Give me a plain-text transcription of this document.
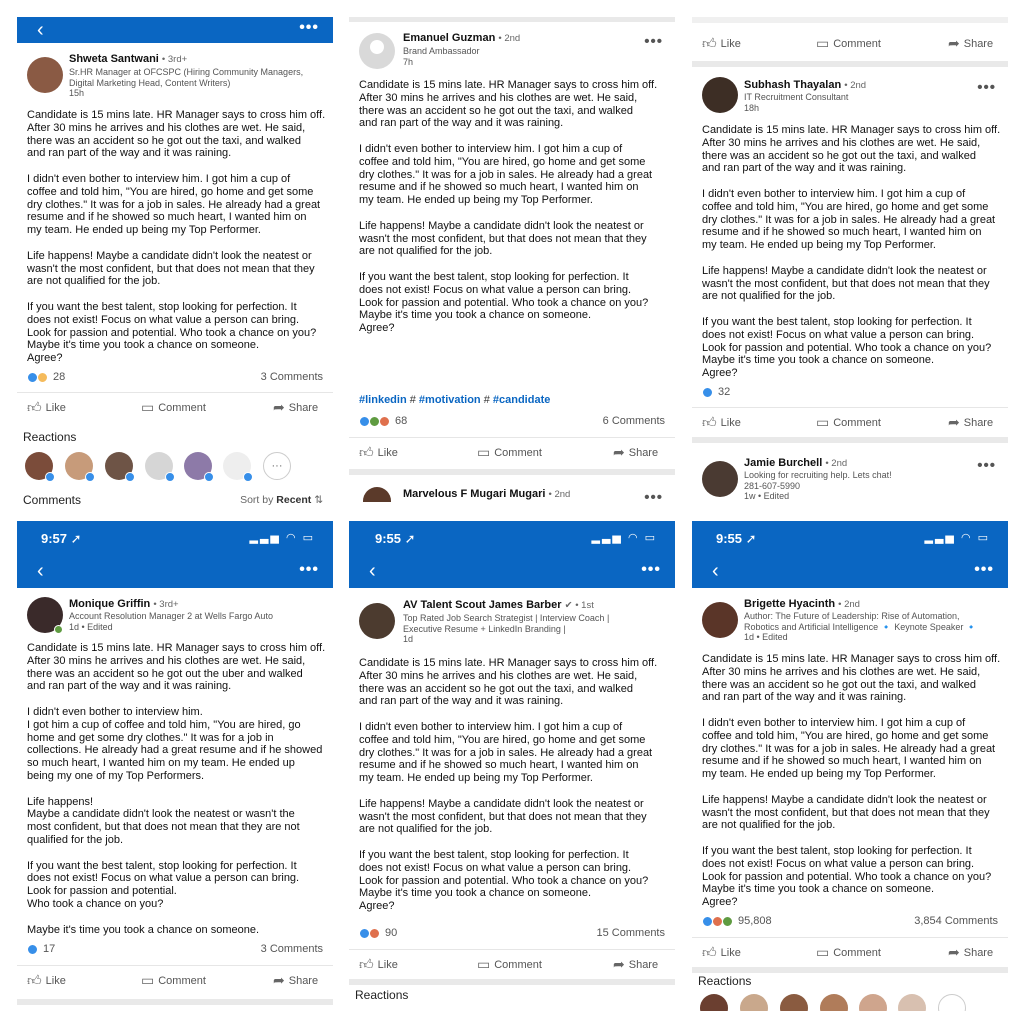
‹	•••
Shweta Santwani • 3rd+
Sr.HR Manager at OFCSPC (Hiring Community Managers,
Digital Marketing Head, Content Writers)
15h
Candidate is 15 mins late. HR Manager says to cross him off.
After 30 mins he arrives and his clothes are wet. He said,
there was an accident so he got out the taxi, and walked
and ran part of the way and it was raining.
I didn't even bother to interview him. I got him a cup of
coffee and told him, "You are hired, go home and get some
dry clothes." It was for a job in sales. He already had a great
resume and if he showed so much heart, I wanted him on
my team. He ended up being my Top Performer.
Life happens! Maybe a candidate didn't look the neatest or
wasn't the most confident, but that does not mean that they
are not qualified for the job.
If you want the best talent, stop looking for perfection. It
does not exist! Focus on what value a person can bring.
Look for passion and potential. Who took a chance on you?
Maybe it's time you took a chance on someone.
Agree?
28	3 Comments
👍︎ Like	▭ Comment	➦ Share
Reactions
···
Comments	Sort by Recent ⇅
Emanuel Guzman • 2nd
Brand Ambassador
7h
•••
Candidate is 15 mins late. HR Manager says to cross him off.
After 30 mins he arrives and his clothes are wet. He said,
there was an accident so he got out the taxi, and walked
and ran part of the way and it was raining.
I didn't even bother to interview him. I got him a cup of
coffee and told him, "You are hired, go home and get some
dry clothes." It was for a job in sales. He already had a great
resume and if he showed so much heart, I wanted him on
my team. He ended up being my Top Performer.
Life happens! Maybe a candidate didn't look the neatest or
wasn't the most confident, but that does not mean that they
are not qualified for the job.
If you want the best talent, stop looking for perfection. It
does not exist! Focus on what value a person can bring.
Look for passion and potential. Who took a chance on you?
Maybe it's time you took a chance on someone.
Agree?
#linkedin # #motivation # #candidate
68	6 Comments
👍︎ Like	▭ Comment	➦ Share
Marvelous F Mugari Mugari • 2nd	•••
👍︎ Like	▭ Comment	➦ Share
Subhash Thayalan • 2nd
IT Recruitment Consultant
18h
•••
Candidate is 15 mins late. HR Manager says to cross him off.
After 30 mins he arrives and his clothes are wet. He said,
there was an accident so he got out the taxi, and walked
and ran part of the way and it was raining.
I didn't even bother to interview him. I got him a cup of
coffee and told him, "You are hired, go home and get some
dry clothes." It was for a job in sales. He already had a great
resume and if he showed so much heart, I wanted him on
my team. He ended up being my Top Performer.
Life happens! Maybe a candidate didn't look the neatest or
wasn't the most confident, but that does not mean that they
are not qualified for the job.
If you want the best talent, stop looking for perfection. It
does not exist! Focus on what value a person can bring.
Look for passion and potential. Who took a chance on you?
Maybe it's time you took a chance on someone.
Agree?
32
👍︎ Like	▭ Comment	➦ Share
Jamie Burchell • 2nd
Looking for recruiting help. Lets chat!
281-607-5990
1w • Edited
•••
9:57 ➚	▂▃▅ ◠ ▭
‹	•••
Monique Griffin • 3rd+
Account Resolution Manager 2 at Wells Fargo Auto
1d • Edited
Candidate is 15 mins late. HR Manager says to cross him off.
After 30 mins he arrives and his clothes are wet. He said,
there was an accident so he got out the uber and walked
and ran part of the way and it was raining.
I didn't even bother to interview him.
I got him a cup of coffee and told him, "You are hired, go
home and get some dry clothes." It was for a job in
collections. He already had a great resume and if he showed
so much heart, I wanted him on my team. He ended up
being my one of my Top Performers.
Life happens!
Maybe a candidate didn't look the neatest or wasn't the
most confident, but that does not mean that they are not
qualified for the job.
If you want the best talent, stop looking for perfection. It
does not exist! Focus on what value a person can bring.
Look for passion and potential.
Who took a chance on you?
Maybe it's time you took a chance on someone.
17	3 Comments
👍︎ Like	▭ Comment	➦ Share
9:55 ➚	▂▃▅ ◠ ▭
‹	•••
AV Talent Scout James Barber ✔ • 1st
Top Rated Job Search Strategist | Interview Coach |
Executive Resume + LinkedIn Branding |
1d
Candidate is 15 mins late. HR Manager says to cross him off.
After 30 mins he arrives and his clothes are wet. He said,
there was an accident so he got out the taxi, and walked
and ran part of the way and it was raining.
I didn't even bother to interview him. I got him a cup of
coffee and told him, "You are hired, go home and get some
dry clothes." It was for a job in sales. He already had a great
resume and if he showed so much heart, I wanted him on
my team. He ended up being my Top Performer.
Life happens! Maybe a candidate didn't look the neatest or
wasn't the most confident, but that does not mean that they
are not qualified for the job.
If you want the best talent, stop looking for perfection. It
does not exist! Focus on what value a person can bring.
Look for passion and potential. Who took a chance on you?
Maybe it's time you took a chance on someone.
Agree?
90	15 Comments
👍︎ Like	▭ Comment	➦ Share
Reactions
9:55 ➚	▂▃▅ ◠ ▭
‹	•••
Brigette Hyacinth • 2nd
Author: The Future of Leadership: Rise of Automation,
Robotics and Artificial Intelligence 🔹 Keynote Speaker 🔹
1d • Edited
Candidate is 15 mins late. HR Manager says to cross him off.
After 30 mins he arrives and his clothes are wet. He said,
there was an accident so he got out the taxi, and walked
and ran part of the way and it was raining.
I didn't even bother to interview him. I got him a cup of
coffee and told him, "You are hired, go home and get some
dry clothes." It was for a job in sales. He already had a great
resume and if he showed so much heart, I wanted him on
my team. He ended up being my Top Performer.
Life happens! Maybe a candidate didn't look the neatest or
wasn't the most confident, but that does not mean that they
are not qualified for the job.
If you want the best talent, stop looking for perfection. It
does not exist! Focus on what value a person can bring.
Look for passion and potential. Who took a chance on you?
Maybe it's time you took a chance on someone.
Agree?
95,808	3,854 Comments
👍︎ Like	▭ Comment	➦ Share
Reactions
